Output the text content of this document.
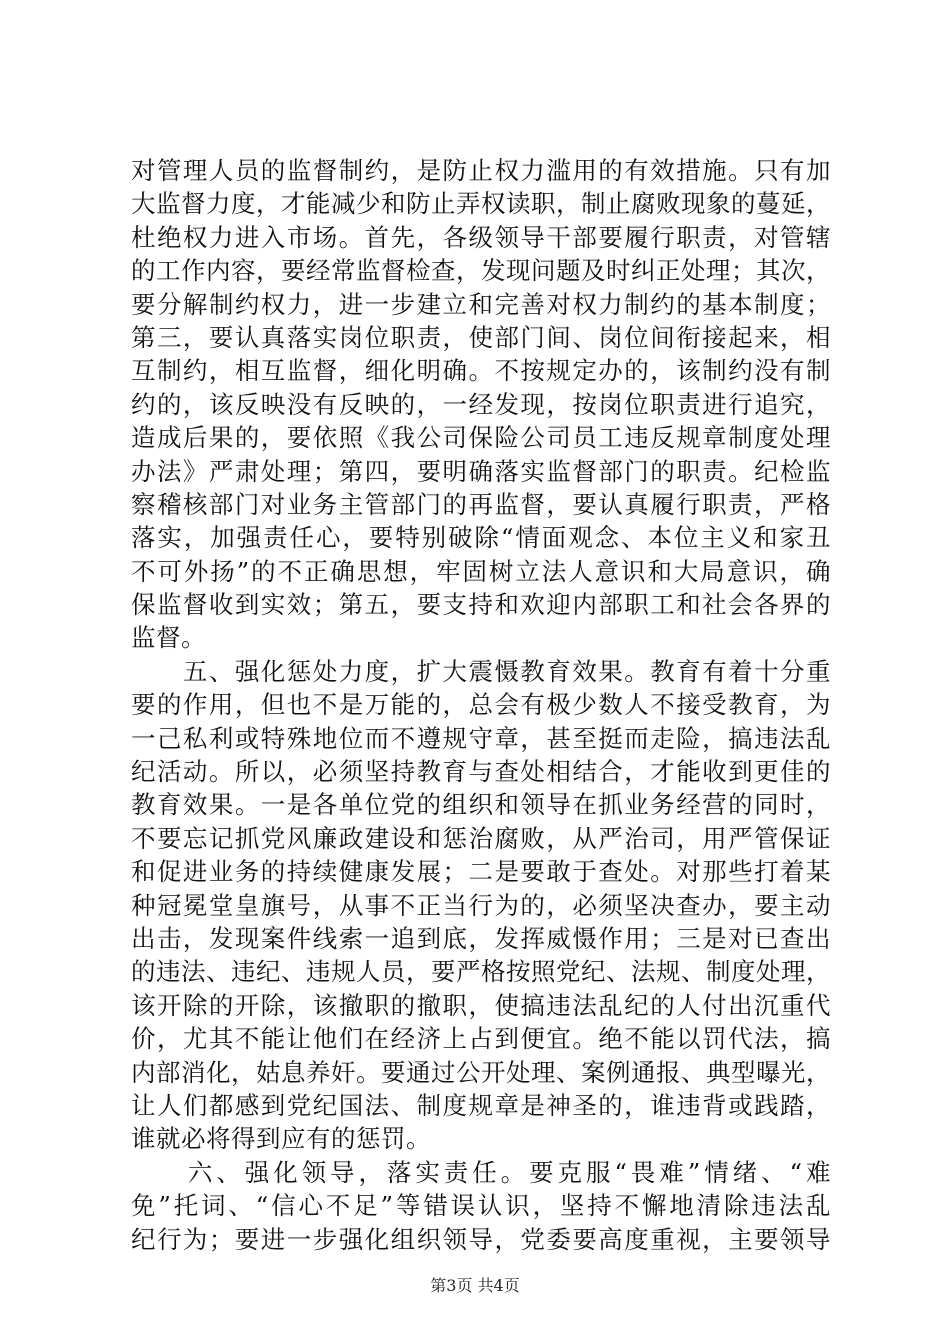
对管理人员的监督制约，是防止权力滥用的有效措施。只有加
大监督力度，才能减少和防止弄权读职，制止腐败现象的蔓延，
杜绝权力进入市场。首先，各级领导干部要履行职责，对管辖
的工作内容，要经常监督检查，发现问题及时纠正处理；其次，
要分解制约权力，进一步建立和完善对权力制约的基本制度；
第三，要认真落实岗位职责，使部门间、岗位间衔接起来，相
互制约，相互监督，细化明确。不按规定办的，该制约没有制
约的，该反映没有反映的，一经发现，按岗位职责进行追究，
造成后果的，要依照《我公司保险公司员工违反规章制度处理
办法》严肃处理；第四，要明确落实监督部门的职责。纪检监
察稽核部门对业务主管部门的再监督，要认真履行职责，严格
落实，加强责任心，要特别破除“情面观念、本位主义和家丑
不可外扬”的不正确思想，牢固树立法人意识和大局意识，确
保监督收到实效；第五，要支持和欢迎内部职工和社会各界的
监督。
　　五、强化惩处力度，扩大震慑教育效果。教育有着十分重
要的作用，但也不是万能的，总会有极少数人不接受教育，为
一己私利或特殊地位而不遵规守章，甚至挺而走险，搞违法乱
纪活动。所以，必须坚持教育与查处相结合，才能收到更佳的
教育效果。一是各单位党的组织和领导在抓业务经营的同时，
不要忘记抓党风廉政建设和惩治腐败，从严治司，用严管保证
和促进业务的持续健康发展；二是要敢于查处。对那些打着某
种冠冕堂皇旗号，从事不正当行为的，必须坚决查办，要主动
出击，发现案件线索一追到底，发挥威慑作用；三是对已查出
的违法、违纪、违规人员，要严格按照党纪、法规、制度处理，
该开除的开除，该撤职的撤职，使搞违法乱纪的人付出沉重代
价，尤其不能让他们在经济上占到便宜。绝不能以罚代法，搞
内部消化，姑息养奸。要通过公开处理、案例通报、典型曝光，
让人们都感到党纪国法、制度规章是神圣的，谁违背或践踏，
谁就必将得到应有的惩罚。
　　六、强化领导，落实责任。要克服“畏难”情绪、“难
免”托词、“信心不足”等错误认识，坚持不懈地清除违法乱
纪行为；要进一步强化组织领导，党委要高度重视，主要领导
第3页 共4页
